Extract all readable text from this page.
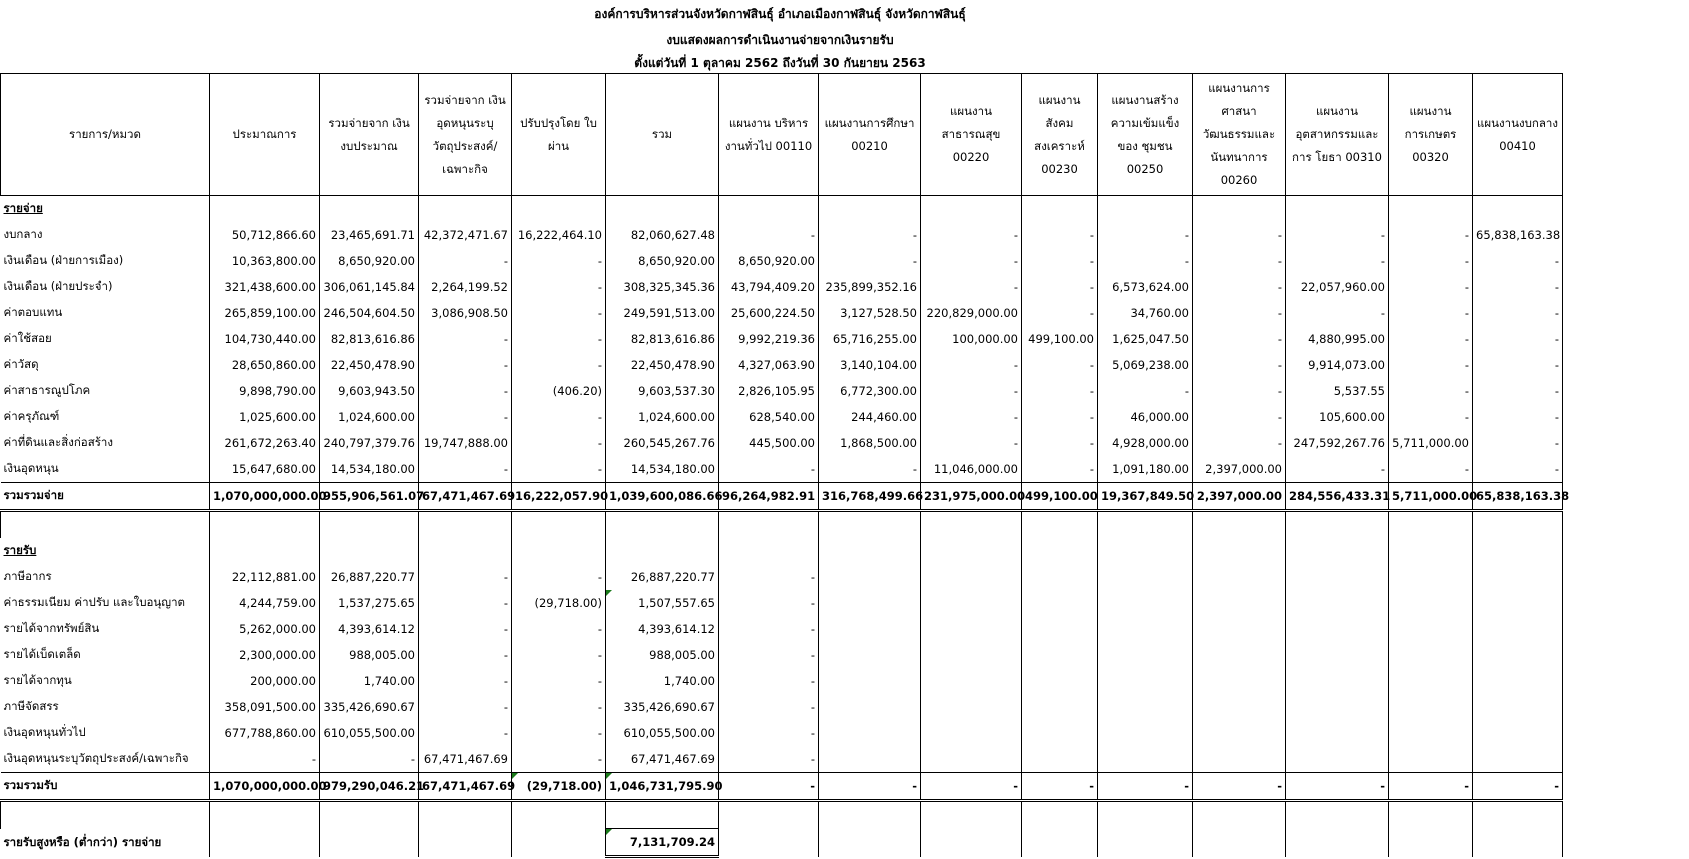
องค์การบริหารส่วนจังหวัดกาฬสินธุ์ อำเภอเมืองกาฬสินธุ์ จังหวัดกาฬสินธุ์
งบแสดงผลการดำเนินงานจ่ายจากเงินรายรับ
ตั้งแต่วันที่ 1 ตุลาคม 2562 ถึงวันที่ 30 กันยายน 2563
รายการ/หมวด	ประมาณการ	รวมจ่ายจาก เงินงบประมาณ	รวมจ่ายจาก เงินอุดหนุนระบุ วัตถุประสงค์/ เฉพาะกิจ	ปรับปรุงโดย ใบผ่าน	รวม	แผนงาน บริหารงานทั่วไป 00110	แผนงานการศึกษา 00210	แผนงานสาธารณสุข 00220	แผนงานสังคม สงเคราะห์ 00230	แผนงานสร้าง ความเข้มแข็งของ ชุมชน 00250	แผนงานการ ศาสนา วัฒนธรรมและ นันทนาการ 00260	แผนงาน อุตสาหกรรมและการ โยธา 00310	แผนงาน การเกษตร 00320	แผนงานงบกลาง 00410
รายจ่าย														
งบกลาง	50,712,866.60	23,465,691.71	42,372,471.67	16,222,464.10	82,060,627.48	-	-	-	-	-	-	-	-	65,838,163.38
เงินเดือน (ฝ่ายการเมือง)	10,363,800.00	8,650,920.00	-	-	8,650,920.00	8,650,920.00	-	-	-	-	-	-	-	-
เงินเดือน (ฝ่ายประจำ)	321,438,600.00	306,061,145.84	2,264,199.52	-	308,325,345.36	43,794,409.20	235,899,352.16	-	-	6,573,624.00	-	22,057,960.00	-	-
ค่าตอบแทน	265,859,100.00	246,504,604.50	3,086,908.50	-	249,591,513.00	25,600,224.50	3,127,528.50	220,829,000.00	-	34,760.00	-	-	-	-
ค่าใช้สอย	104,730,440.00	82,813,616.86	-	-	82,813,616.86	9,992,219.36	65,716,255.00	100,000.00	499,100.00	1,625,047.50	-	4,880,995.00	-	-
ค่าวัสดุ	28,650,860.00	22,450,478.90	-	-	22,450,478.90	4,327,063.90	3,140,104.00	-	-	5,069,238.00	-	9,914,073.00	-	-
ค่าสาธารณูปโภค	9,898,790.00	9,603,943.50	-	(406.20)	9,603,537.30	2,826,105.95	6,772,300.00	-	-	-	-	5,537.55	-	-
ค่าครุภัณฑ์	1,025,600.00	1,024,600.00	-	-	1,024,600.00	628,540.00	244,460.00	-	-	46,000.00	-	105,600.00	-	-
ค่าที่ดินและสิ่งก่อสร้าง	261,672,263.40	240,797,379.76	19,747,888.00	-	260,545,267.76	445,500.00	1,868,500.00	-	-	4,928,000.00	-	247,592,267.76	5,711,000.00	-
เงินอุดหนุน	15,647,680.00	14,534,180.00	-	-	14,534,180.00	-	-	11,046,000.00	-	1,091,180.00	2,397,000.00	-	-	-
รวมรวมจ่าย	1,070,000,000.00	955,906,561.07	67,471,467.69	16,222,057.90	1,039,600,086.66	96,264,982.91	316,768,499.66	231,975,000.00	499,100.00	19,367,849.50	2,397,000.00	284,556,433.31	5,711,000.00	65,838,163.38

รายรับ														
ภาษีอากร	22,112,881.00	26,887,220.77	-	-	26,887,220.77	-								
ค่าธรรมเนียม ค่าปรับ และใบอนุญาต	4,244,759.00	1,537,275.65	-	(29,718.00)	1,507,557.65	-								
รายได้จากทรัพย์สิน	5,262,000.00	4,393,614.12	-	-	4,393,614.12	-								
รายได้เบ็ดเตล็ด	2,300,000.00	988,005.00	-	-	988,005.00	-								
รายได้จากทุน	200,000.00	1,740.00	-	-	1,740.00	-								
ภาษีจัดสรร	358,091,500.00	335,426,690.67	-	-	335,426,690.67	-								
เงินอุดหนุนทั่วไป	677,788,860.00	610,055,500.00	-	-	610,055,500.00	-								
เงินอุดหนุนระบุวัตถุประสงค์/เฉพาะกิจ	-	-	67,471,467.69	-	67,471,467.69	-								
รวมรวมรับ	1,070,000,000.00	979,290,046.21	67,471,467.69	(29,718.00)	1,046,731,795.90	-	-	-	-	-	-	-	-	-

รายรับสูงหรือ (ต่ำกว่า) รายจ่าย					7,131,709.24									
